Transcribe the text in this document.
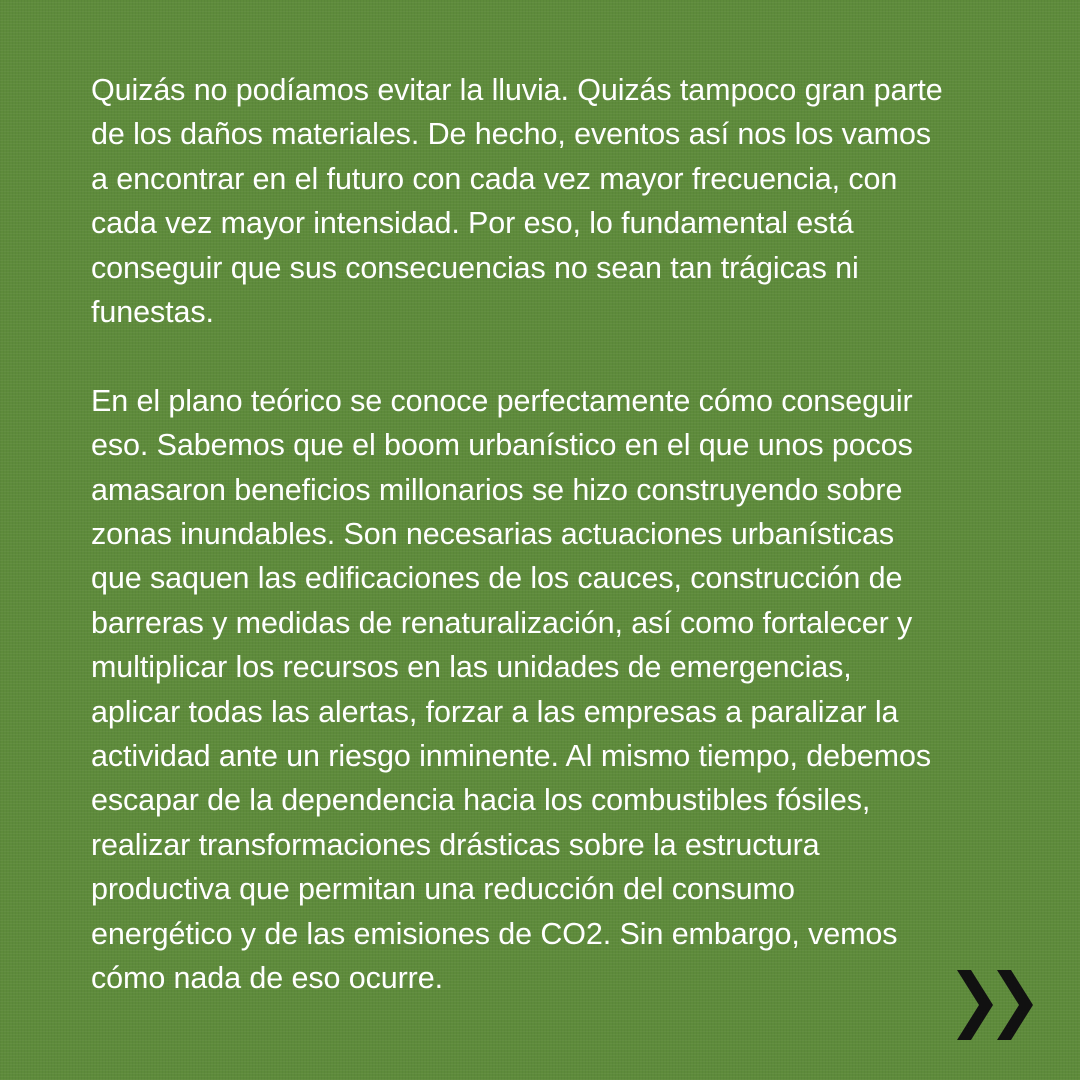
Quizás no podíamos evitar la lluvia. Quizás tampoco gran parte
de los daños materiales. De hecho, eventos así nos los vamos
a encontrar en el futuro con cada vez mayor frecuencia, con
cada vez mayor intensidad. Por eso, lo fundamental está
conseguir que sus consecuencias no sean tan trágicas ni
funestas.

En el plano teórico se conoce perfectamente cómo conseguir
eso. Sabemos que el boom urbanístico en el que unos pocos
amasaron beneficios millonarios se hizo construyendo sobre
zonas inundables. Son necesarias actuaciones urbanísticas
que saquen las edificaciones de los cauces, construcción de
barreras y medidas de renaturalización, así como fortalecer y
multiplicar los recursos en las unidades de emergencias,
aplicar todas las alertas, forzar a las empresas a paralizar la
actividad ante un riesgo inminente. Al mismo tiempo, debemos
escapar de la dependencia hacia los combustibles fósiles,
realizar transformaciones drásticas sobre la estructura
productiva que permitan una reducción del consumo
energético y de las emisiones de CO2. Sin embargo, vemos
cómo nada de eso ocurre.
